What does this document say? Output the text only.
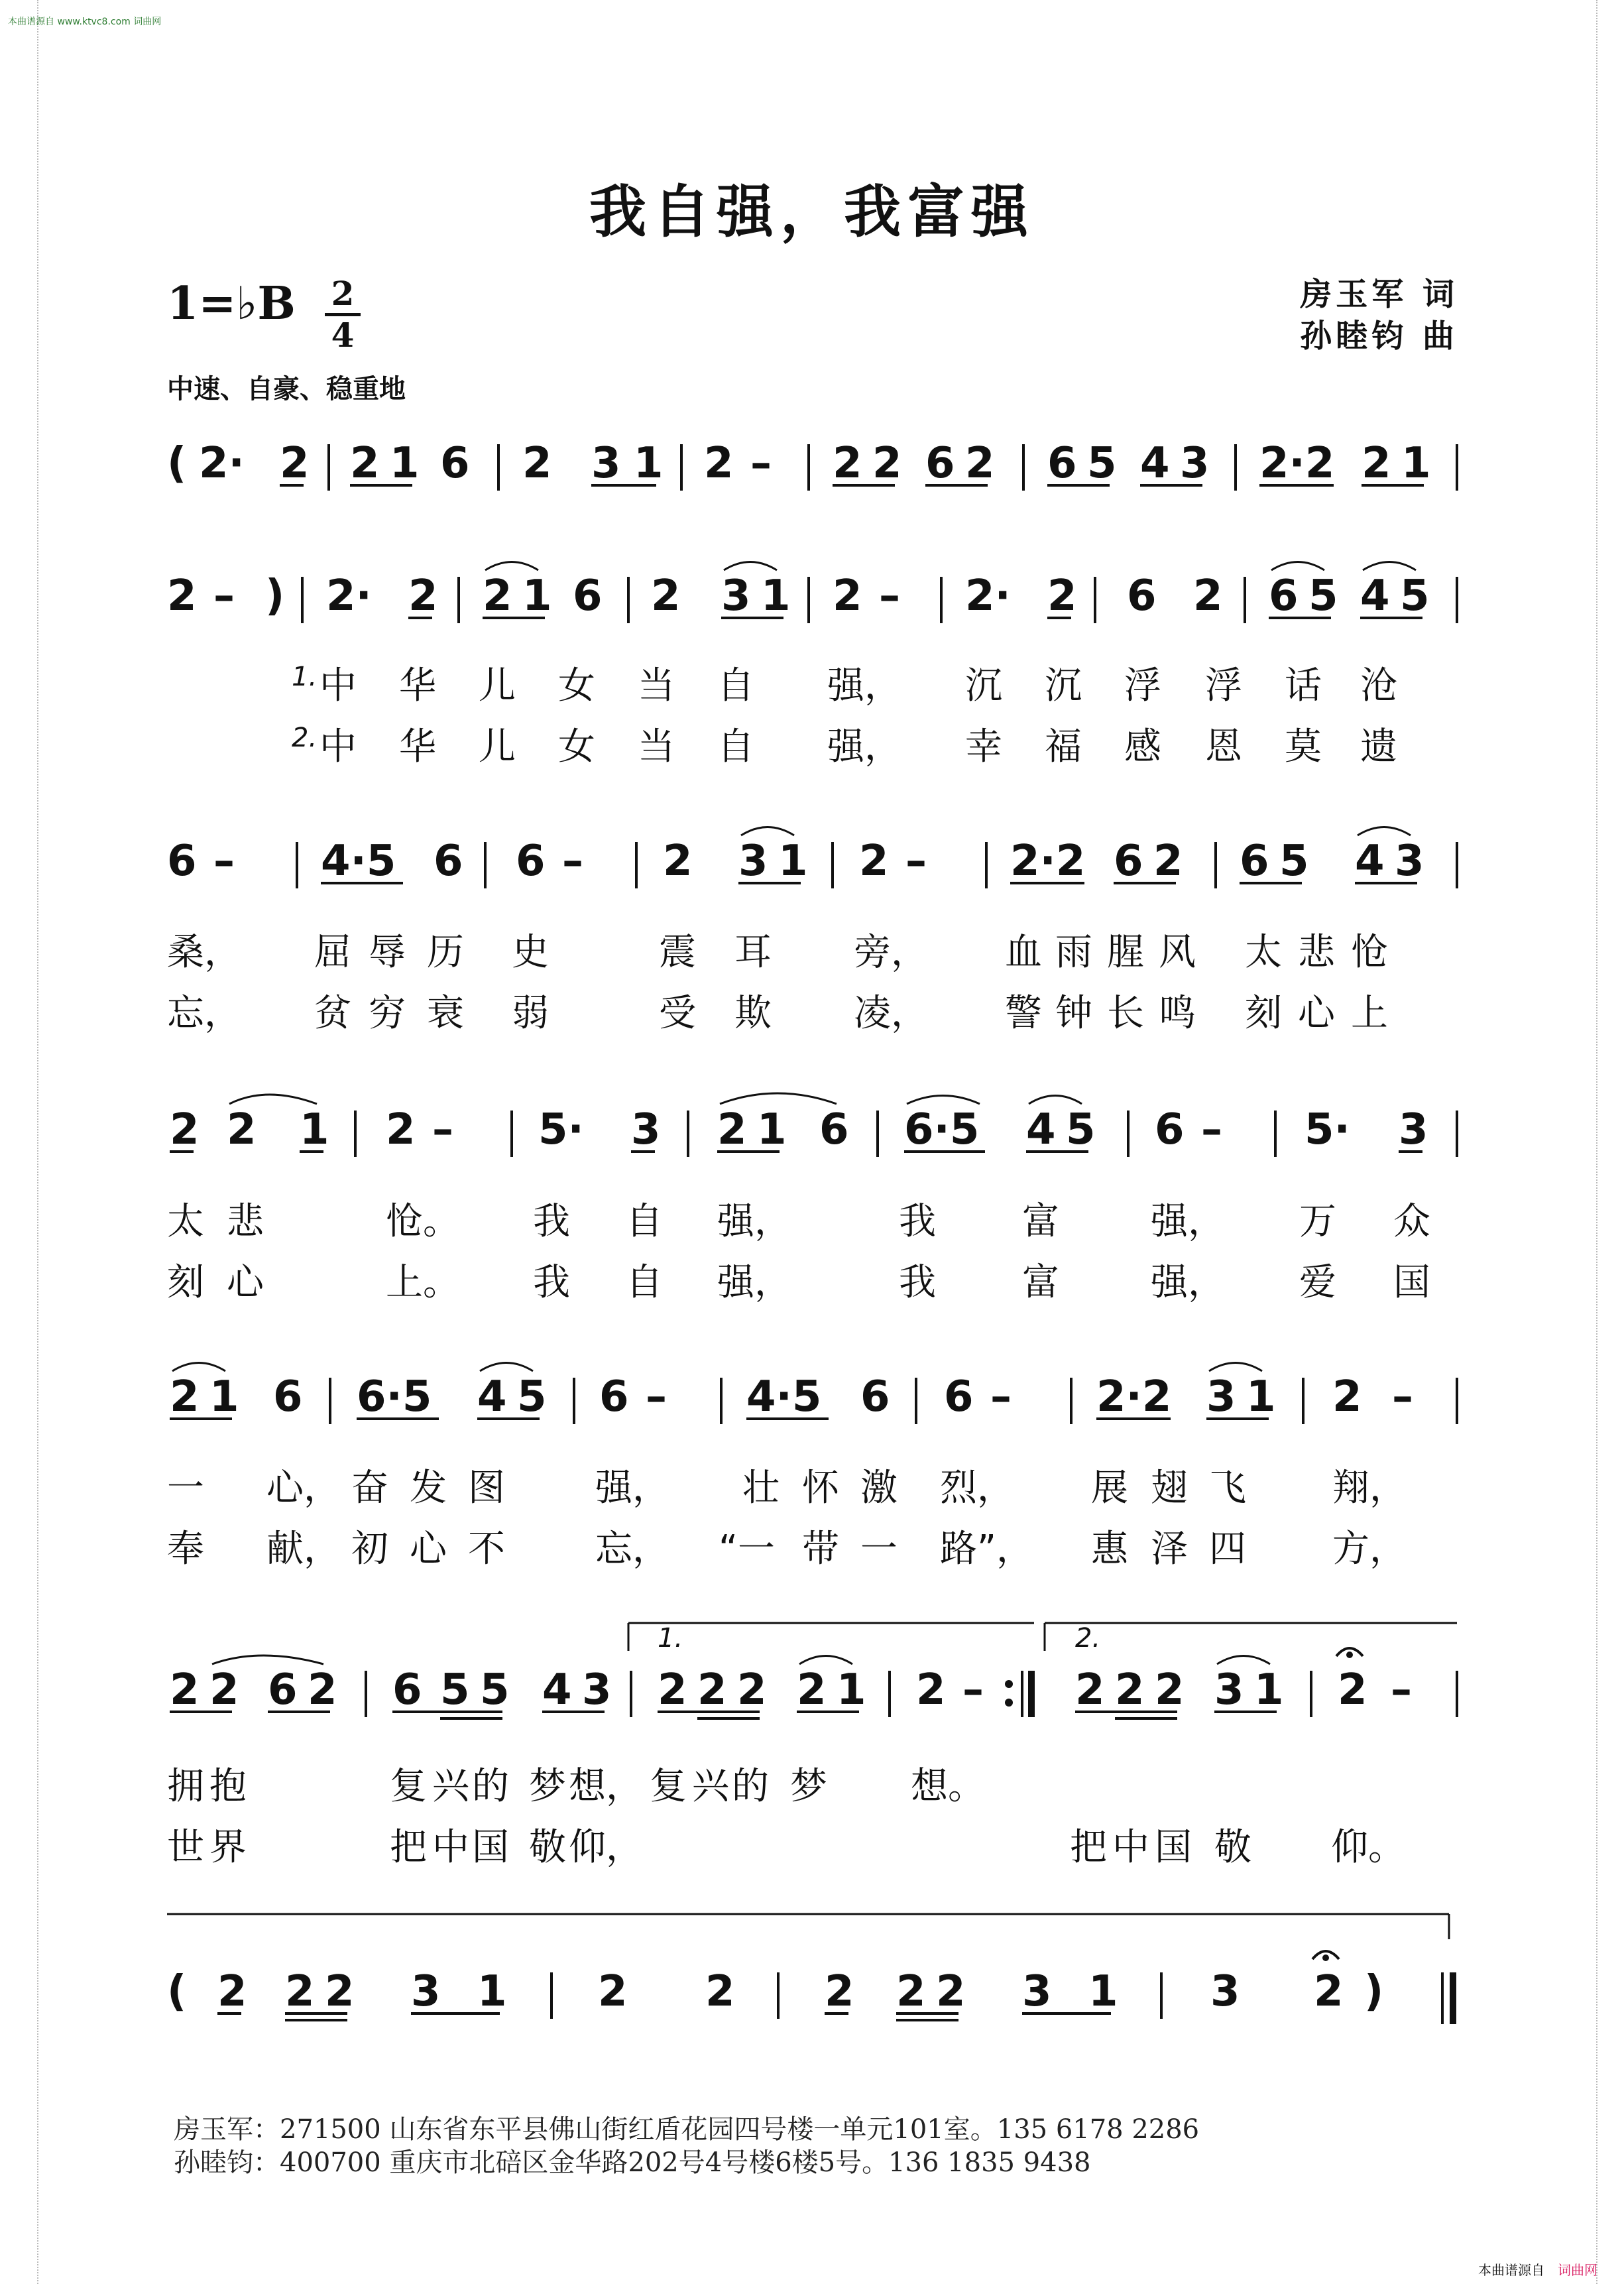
本曲谱源自 www.ktvc8.com 词曲网
我自强，我富强
房玉军 词
孙睦钧 曲
1=♭B 2
4
中速、自豪、稳重地
( 2· 2 2 1 6 2 3 1 2 – 2 2 6 2 6 5 4 3 2·2 2 1
2 – ) 2· 2 2 1 6 2 3 1 2 – 2· 2 6 2 6 5 4 5
1. 中 华 儿 女 当 自 强， 沉 沉 浮 浮 话 沧
2. 中 华 儿 女 当 自 强， 幸 福 感 恩 莫 遗
6 – 4·5 6 6 – 2 3 1 2 – 2·2 6 2 6 5 4 3
桑， 屈 辱 历 史	震 耳 旁， 血 雨 腥 风 太 悲 怆
忘， 贫 穷 衰 弱	受 欺 凌， 警 钟 长 鸣 刻 心 上
2 2 1 2 – 5· 3 2 1 6 6·5 4 5 6 – 5· 3
太 悲	怆。 我 自 强，	我 富 强， 万 众
刻 心	上。 我 自 强，	我 富 强， 爱 国
2 1 6 6·5 4 5 6 – 4·5 6 6 – 2·2 3 1 2 –
一 心， 奋 发 图 强， 壮 怀 激 烈， 展 翅 飞 翔，
奉 献， 初 心 不 忘， “一 带 一 路”， 惠 泽 四 方，
1.	2.
2 2 6 2 6 5 5 4 3 2 2 2 2 1 2 – 2 2 2 3 1 2 –
拥 抱	复 兴 的 梦 想， 复 兴 的 梦 想。
世 界	把 中 国 敬 仰，	把 中 国 敬 仰。
( 2 2 2 3 1 2 2 2 2 2 3 1 3 2 )
房玉军：271500 山东省东平县佛山街红盾花园四号楼一单元101室。135 6178 2286
孙睦钧：400700 重庆市北碚区金华路202号4号楼6楼5号。136 1835 9438
本曲谱源自 词曲网
